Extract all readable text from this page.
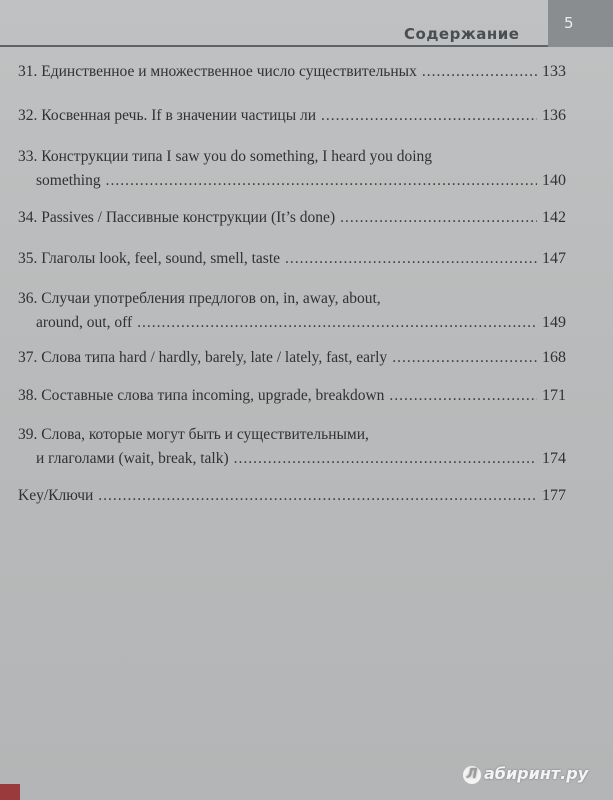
5
Содержание
31. Единственное и множественное число существительных .....	133
32. Косвенная речь. If в значении частицы ли .....	136
33. Конструкции типа I saw you do something, I heard you doing
something .....	140
34. Passives / Пассивные конструкции (It’s done) .....	142
35. Глаголы look, feel, sound, smell, taste .....	147
36. Случаи употребления предлогов on, in, away, about,
around, out, off .....	149
37. Слова типа hard / hardly, barely, late / lately, fast, early .....	168
38. Составные слова типа incoming, upgrade, breakdown .....	171
39. Слова, которые могут быть и существительными,
и глаголами (wait, break, talk) .....	174
Key/Ключи .....	177
Л абиринт.ру
